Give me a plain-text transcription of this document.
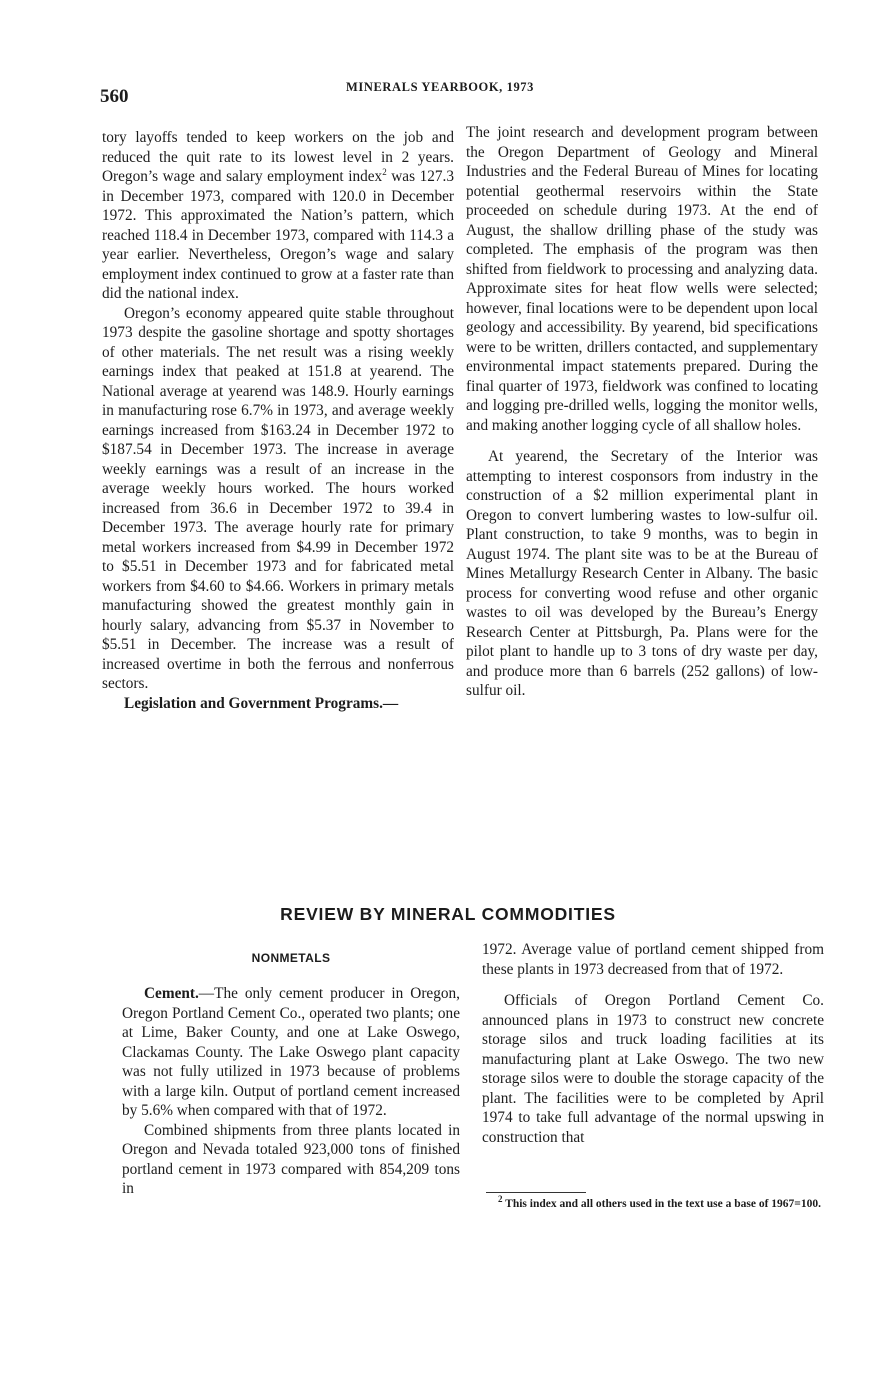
560	MINERALS YEARBOOK, 1973

tory layoffs tended to keep workers on the job and reduced the quit rate to its lowest level in 2 years. Oregon’s wage and salary employment index$^2$ was 127.3 in December 1973, compared with 120.0 in December 1972. This approximated the Nation’s pattern, which reached 118.4 in December 1973, compared with 114.3 a year earlier. Nevertheless, Oregon’s wage and salary employment index continued to grow at a faster rate than did the national index.

Oregon’s economy appeared quite stable throughout 1973 despite the gasoline shortage and spotty shortages of other materials. The net result was a rising weekly earnings index that peaked at 151.8 at yearend. The National average at yearend was 148.9. Hourly earnings in manufacturing rose 6.7% in 1973, and average weekly earnings increased from $163.24 in December 1972 to $187.54 in December 1973. The increase in average weekly earnings was a result of an increase in the average weekly hours worked. The hours worked increased from 36.6 in December 1972 to 39.4 in December 1973. The average hourly rate for primary metal workers increased from $4.99 in December 1972 to $5.51 in December 1973 and for fabricated metal workers from $4.60 to $4.66. Workers in primary metals manufacturing showed the greatest monthly gain in hourly salary, advancing from $5.37 in November to $5.51 in December. The increase was a result of increased overtime in both the ferrous and nonferrous sectors.

Legislation and Government Programs.—

The joint research and development program between the Oregon Department of Geology and Mineral Industries and the Federal Bureau of Mines for locating potential geothermal reservoirs within the State proceeded on schedule during 1973. At the end of August, the shallow drilling phase of the study was completed. The emphasis of the program was then shifted from fieldwork to processing and analyzing data. Approximate sites for heat flow wells were selected; however, final locations were to be dependent upon local geology and accessibility. By yearend, bid specifications were to be written, drillers contacted, and supplementary environmental impact statements prepared. During the final quarter of 1973, fieldwork was confined to locating and logging pre-drilled wells, logging the monitor wells, and making another logging cycle of all shallow holes.

At yearend, the Secretary of the Interior was attempting to interest cosponsors from industry in the construction of a $2 million experimental plant in Oregon to convert lumbering wastes to low-sulfur oil. Plant construction, to take 9 months, was to begin in August 1974. The plant site was to be at the Bureau of Mines Metallurgy Research Center in Albany. The basic process for converting wood refuse and other organic wastes to oil was developed by the Bureau’s Energy Research Center at Pittsburgh, Pa. Plans were for the pilot plant to handle up to 3 tons of dry waste per day, and produce more than 6 barrels (252 gallons) of low-sulfur oil.

REVIEW BY MINERAL COMMODITIES
NONMETALS

Cement.—The only cement producer in Oregon, Oregon Portland Cement Co., operated two plants; one at Lime, Baker County, and one at Lake Oswego, Clackamas County. The Lake Oswego plant capacity was not fully utilized in 1973 because of problems with a large kiln. Output of portland cement increased by 5.6% when compared with that of 1972.

Combined shipments from three plants located in Oregon and Nevada totaled 923,000 tons of finished portland cement in 1973 compared with 854,209 tons in

1972. Average value of portland cement shipped from these plants in 1973 decreased from that of 1972.

Officials of Oregon Portland Cement Co. announced plans in 1973 to construct new concrete storage silos and truck loading facilities at its manufacturing plant at Lake Oswego. The two new storage silos were to double the storage capacity of the plant. The facilities were to be completed by April 1974 to take full advantage of the normal upswing in construction that

$^2$ This index and all others used in the text use a base of 1967=100.
